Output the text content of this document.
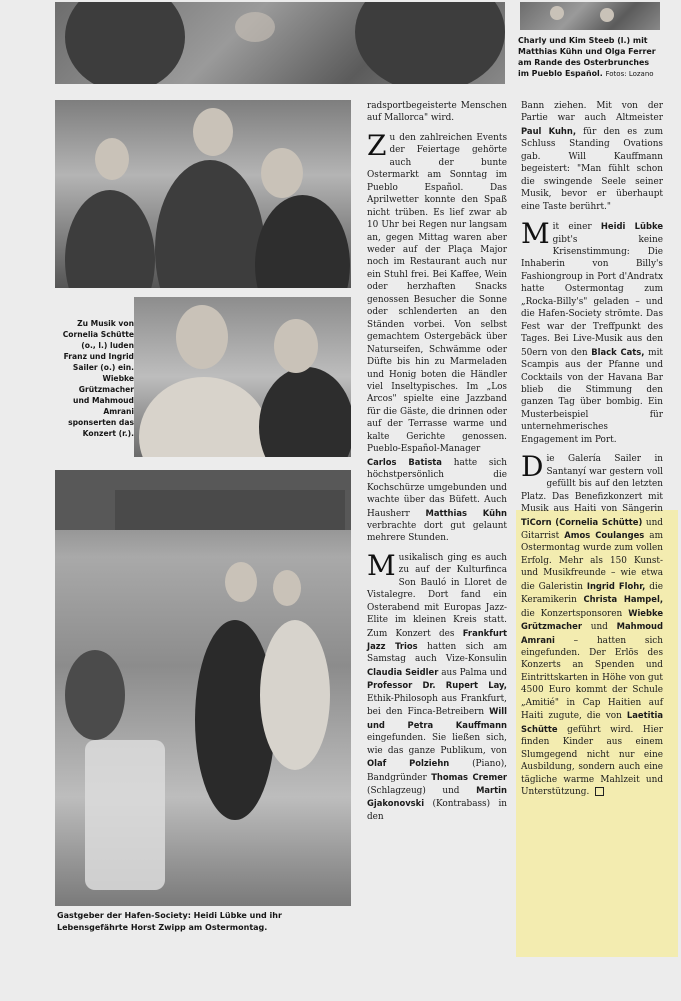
Charly und Kim Steeb (l.) mit Matthias Kühn und Olga Ferrer am Rande des Osterbrunches im Pueblo Español. Fotos: Lozano
Zu Musik von Cornelia Schütte (o., l.) luden Franz und Ingrid Sailer (o.) ein. Wiebke Grützmacher und Mahmoud Amrani sponserten das Konzert (r.).
Gastgeber der Hafen-Society: Heidi Lübke und ihr Lebensgefährte Horst Zwipp am Ostermontag.

radsportbegeisterte Menschen auf Mallorca" wird.

Zu den zahlreichen Events der Feiertage gehörte auch der bunte Ostermarkt am Sonntag im Pueblo Español. Das Aprilwetter konnte den Spaß nicht trüben. Es lief zwar ab 10 Uhr bei Regen nur langsam an, gegen Mittag waren aber weder auf der Plaça Major noch im Restaurant auch nur ein Stuhl frei. Bei Kaffee, Wein oder herzhaften Snacks genossen Besucher die Sonne oder schlenderten an den Ständen vorbei. Von selbst gemachtem Ostergebäck über Naturseifen, Schwämme oder Düfte bis hin zu Marmeladen und Honig boten die Händler viel Inseltypisches. Im „Los Arcos" spielte eine Jazzband für die Gäste, die drinnen oder auf der Terrasse warme und kalte Gerichte genossen. Pueblo-Español-Manager Carlos Batista hatte sich höchstpersönlich die Kochschürze umgebunden und wachte über das Büfett. Auch Hausherr Matthias Kühn verbrachte dort gut gelaunt mehrere Stunden.

Musikalisch ging es auch zu auf der Kulturfinca Son Bauló in Lloret de Vistalegre. Dort fand ein Osterabend mit Europas Jazz-Elite im kleinen Kreis statt. Zum Konzert des Frankfurt Jazz Trios hatten sich am Samstag auch Vize-Konsulin Claudia Seidler aus Palma und Professor Dr. Rupert Lay, Ethik-Philosoph aus Frankfurt, bei den Finca-Betreibern Will und Petra Kauffmann eingefunden. Sie ließen sich, wie das ganze Publikum, von Olaf Polziehn	(Piano), Bandgründer Thomas Cremer (Schlagzeug) und Martin Gjakonovski (Kontrabass) in den

Bann ziehen. Mit von der Partie war auch Altmeister Paul Kuhn, für den es zum Schluss Standing Ovations gab. Will Kauffmann begeistert: "Man fühlt schon die swingende Seele seiner Musik, bevor er überhaupt eine Taste berührt."

Mit einer Heidi Lübke gibt's keine Krisenstimmung: Die Inhaberin von Billy's Fashiongroup in Port d'Andratx hatte Ostermontag zum „Rocka-Billy's" geladen – und die Hafen-Society strömte. Das Fest war der Treffpunkt des Tages. Bei Live-Musik aus den 50ern von den Black Cats, mit Scampis aus der Pfanne und Cocktails von der Havana Bar blieb die Stimmung den ganzen Tag über bombig. Ein Musterbeispiel für unternehmerisches Engagement im Port.

Die Galería Sailer in Santanyí war gestern voll gefüllt bis auf den letzten Platz. Das Benefizkonzert mit Musik aus Haiti von Sängerin TiCorn (Cornelia Schütte) und Gitarrist Amos Coulanges am Ostermontag wurde zum vollen Erfolg. Mehr als 150 Kunst- und Musikfreunde – wie etwa die Galeristin Ingrid Flohr, die Keramikerin Christa Hampel, die Konzertsponsoren Wiebke Grützmacher und Mahmoud Amrani – hatten sich eingefunden. Der Erlös des Konzerts an Spenden und Eintrittskarten in Höhe von gut 4500 Euro kommt der Schule „Amitié" in Cap Haitien auf Haiti zugute, die von Laetitia Schütte geführt wird. Hier finden Kinder aus einem Slumgegend nicht nur eine Ausbildung, sondern auch eine tägliche warme Mahlzeit und Unterstützung.
